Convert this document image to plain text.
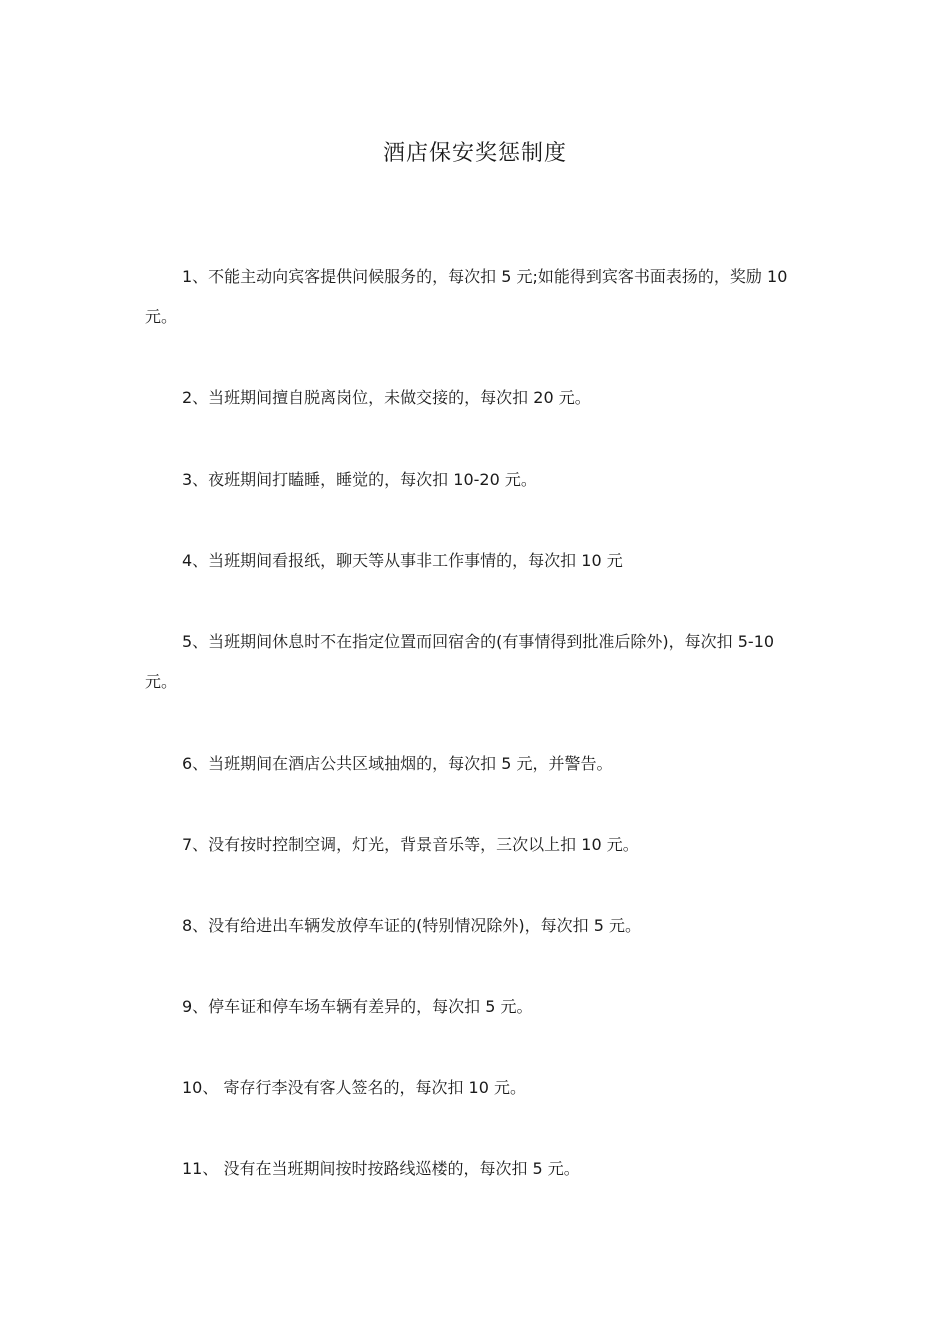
酒店保安奖惩制度

1、不能主动向宾客提供问候服务的，每次扣 5 元;如能得到宾客书面表扬的，奖励 10 元。

2、当班期间擅自脱离岗位，未做交接的，每次扣 20 元。

3、夜班期间打瞌睡，睡觉的，每次扣 10-20 元。

4、当班期间看报纸，聊天等从事非工作事情的，每次扣 10 元

5、当班期间休息时不在指定位置而回宿舍的(有事情得到批准后除外)，每次扣 5-10 元。

6、当班期间在酒店公共区域抽烟的，每次扣 5 元，并警告。

7、没有按时控制空调，灯光，背景音乐等，三次以上扣 10 元。

8、没有给进出车辆发放停车证的(特别情况除外)，每次扣 5 元。

9、停车证和停车场车辆有差异的，每次扣 5 元。

10、 寄存行李没有客人签名的，每次扣 10 元。

11、 没有在当班期间按时按路线巡楼的，每次扣 5 元。
